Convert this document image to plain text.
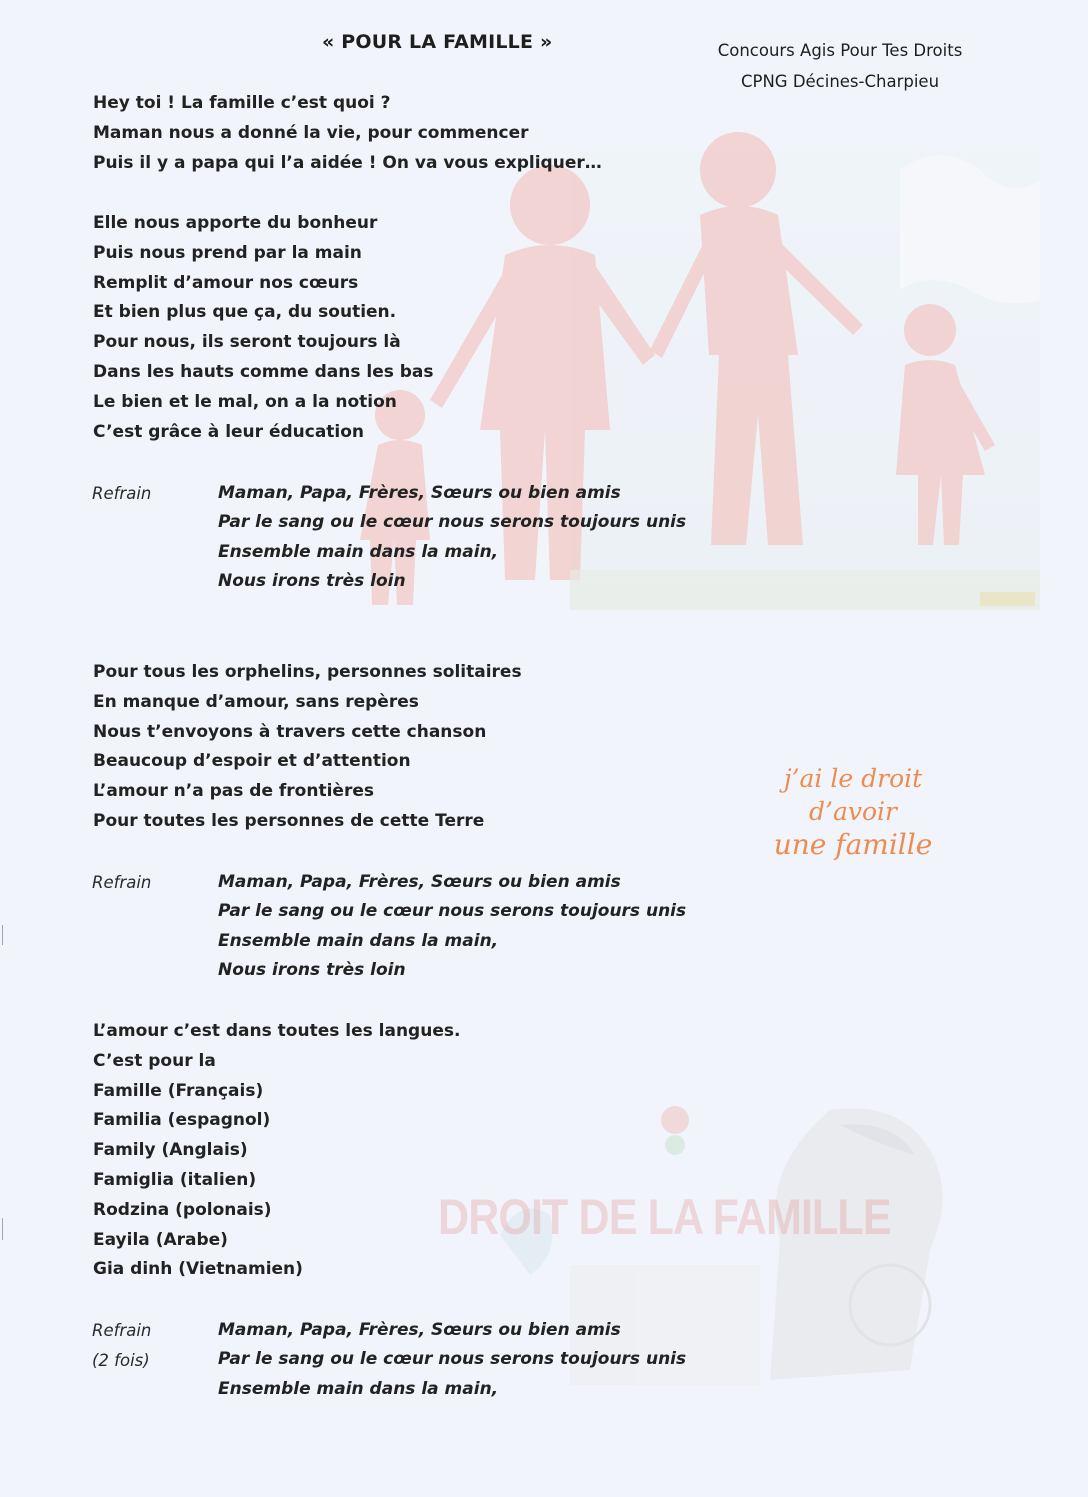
DROIT DE LA FAMILLE
« POUR LA FAMILLE »	Concours Agis Pour Tes Droits
CPNG Décines-Charpieu
Hey toi ! La famille c’est quoi ?
Maman nous a donné la vie, pour commencer
Puis il y a papa qui l’a aidée ! On va vous expliquer…
Elle nous apporte du bonheur
Puis nous prend par la main
Remplit d’amour nos cœurs
Et bien plus que ça, du soutien.
Pour nous, ils seront toujours là
Dans les hauts comme dans les bas
Le bien et le mal, on a la notion
C’est grâce à leur éducation
Refrain	Maman, Papa, Frères, Sœurs ou bien amis
Par le sang ou le cœur nous serons toujours unis
Ensemble main dans la main,
Nous irons très loin
Pour tous les orphelins, personnes solitaires
En manque d’amour, sans repères
Nous t’envoyons à travers cette chanson
Beaucoup d’espoir et d’attention
L’amour n’a pas de frontières
Pour toutes les personnes de cette Terre
j’ai le droit
d’avoir
une famille
Refrain	Maman, Papa, Frères, Sœurs ou bien amis
Par le sang ou le cœur nous serons toujours unis
Ensemble main dans la main,
Nous irons très loin
L’amour c’est dans toutes les langues.
C’est pour la
Famille (Français)
Familia (espagnol)
Family (Anglais)
Famiglia (italien)
Rodzina (polonais)
Eayila (Arabe)
Gia dinh (Vietnamien)
Refrain
(2 fois)
Maman, Papa, Frères, Sœurs ou bien amis
Par le sang ou le cœur nous serons toujours unis
Ensemble main dans la main,
